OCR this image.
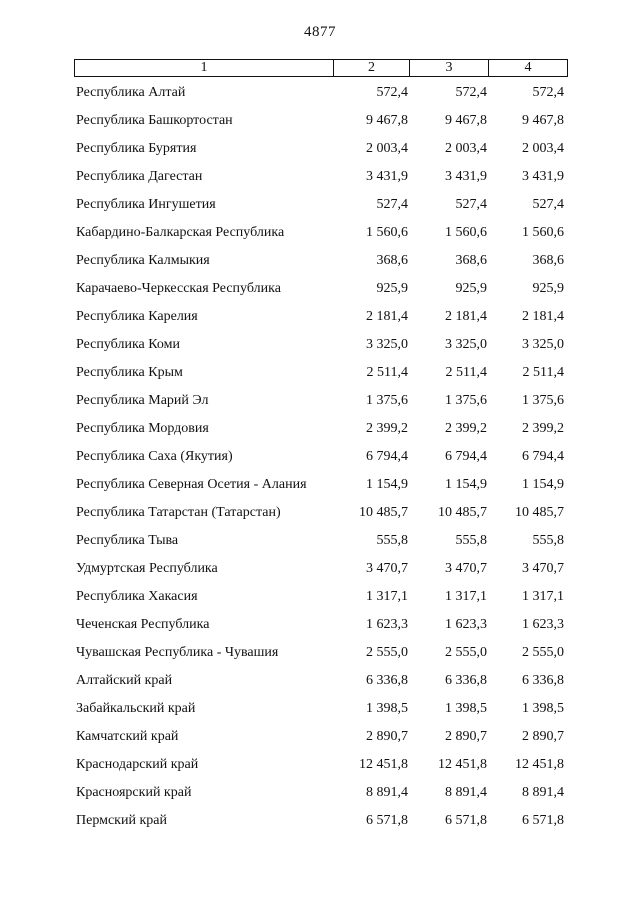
4877
1	2	3	4
Республика Алтай	572,4	572,4	572,4
Республика Башкортостан	9 467,8	9 467,8	9 467,8
Республика Бурятия	2 003,4	2 003,4	2 003,4
Республика Дагестан	3 431,9	3 431,9	3 431,9
Республика Ингушетия	527,4	527,4	527,4
Кабардино-Балкарская Республика	1 560,6	1 560,6	1 560,6
Республика Калмыкия	368,6	368,6	368,6
Карачаево-Черкесская Республика	925,9	925,9	925,9
Республика Карелия	2 181,4	2 181,4	2 181,4
Республика Коми	3 325,0	3 325,0	3 325,0
Республика Крым	2 511,4	2 511,4	2 511,4
Республика Марий Эл	1 375,6	1 375,6	1 375,6
Республика Мордовия	2 399,2	2 399,2	2 399,2
Республика Саха (Якутия)	6 794,4	6 794,4	6 794,4
Республика Северная Осетия - Алания	1 154,9	1 154,9	1 154,9
Республика Татарстан (Татарстан)	10 485,7	10 485,7	10 485,7
Республика Тыва	555,8	555,8	555,8
Удмуртская Республика	3 470,7	3 470,7	3 470,7
Республика Хакасия	1 317,1	1 317,1	1 317,1
Чеченская Республика	1 623,3	1 623,3	1 623,3
Чувашская Республика - Чувашия	2 555,0	2 555,0	2 555,0
Алтайский край	6 336,8	6 336,8	6 336,8
Забайкальский край	1 398,5	1 398,5	1 398,5
Камчатский край	2 890,7	2 890,7	2 890,7
Краснодарский край	12 451,8	12 451,8	12 451,8
Красноярский край	8 891,4	8 891,4	8 891,4
Пермский край	6 571,8	6 571,8	6 571,8
